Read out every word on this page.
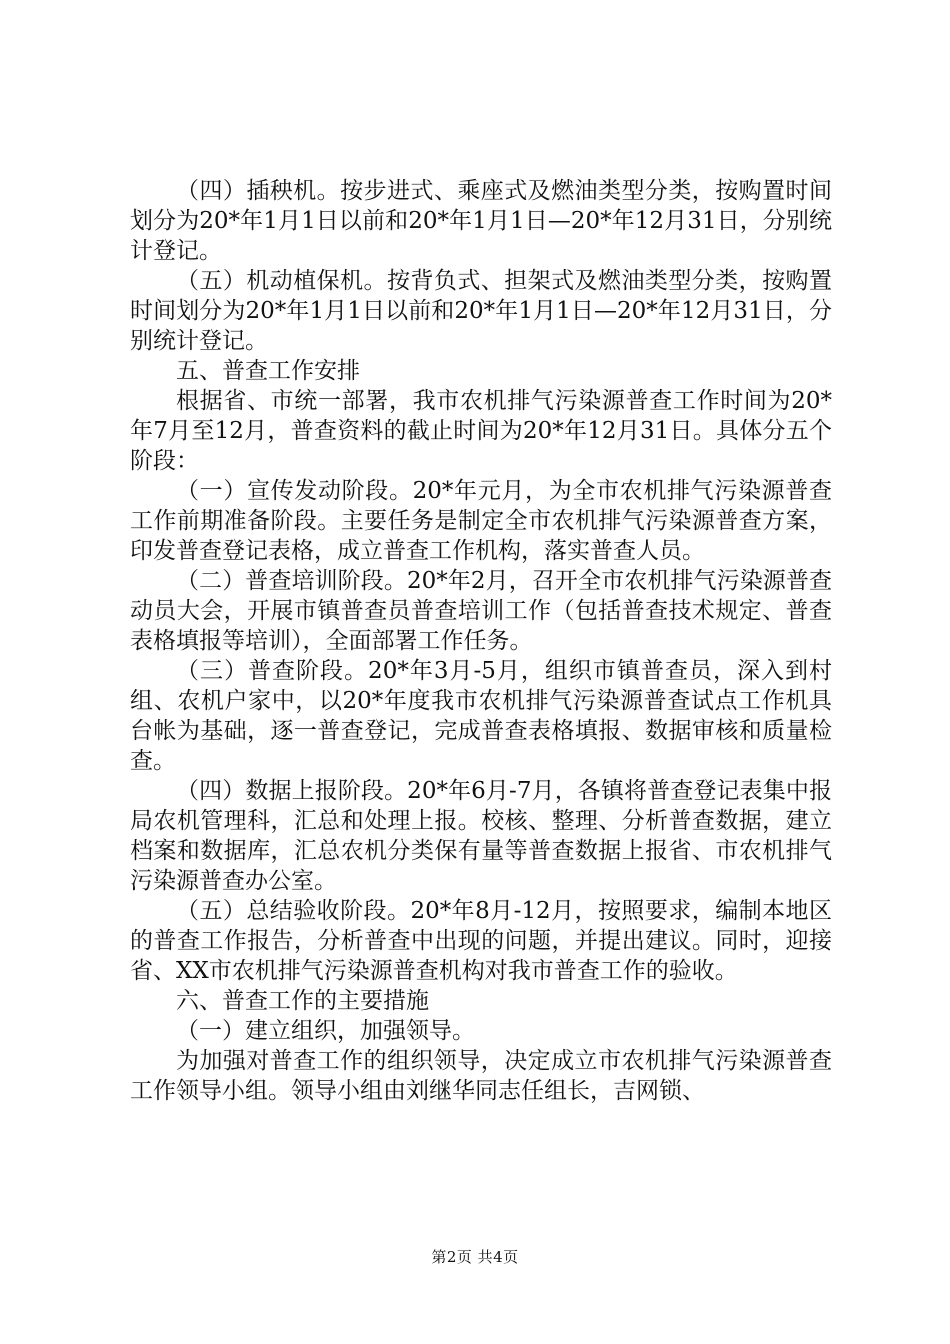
（四）插秧机。按步进式、乘座式及燃油类型分类，按购置时间划分为20*年1月1日以前和20*年1月1日—20*年12月31日，分别统计登记。

（五）机动植保机。按背负式、担架式及燃油类型分类，按购置时间划分为20*年1月1日以前和20*年1月1日—20*年12月31日，分别统计登记。

五、普查工作安排

根据省、市统一部署，我市农机排气污染源普查工作时间为20*年7月至12月，普查资料的截止时间为20*年12月31日。具体分五个阶段：

（一）宣传发动阶段。20*年元月，为全市农机排气污染源普查工作前期准备阶段。主要任务是制定全市农机排气污染源普查方案，印发普查登记表格，成立普查工作机构，落实普查人员。

（二）普查培训阶段。20*年2月，召开全市农机排气污染源普查动员大会，开展市镇普查员普查培训工作（包括普查技术规定、普查表格填报等培训），全面部署工作任务。

（三）普查阶段。20*年3月-5月，组织市镇普查员，深入到村组、农机户家中，以20*年度我市农机排气污染源普查试点工作机具台帐为基础，逐一普查登记，完成普查表格填报、数据审核和质量检查。

（四）数据上报阶段。20*年6月-7月，各镇将普查登记表集中报局农机管理科，汇总和处理上报。校核、整理、分析普查数据，建立档案和数据库，汇总农机分类保有量等普查数据上报省、市农机排气污染源普查办公室。

（五）总结验收阶段。20*年8月-12月，按照要求，编制本地区的普查工作报告，分析普查中出现的问题，并提出建议。同时，迎接省、XX市农机排气污染源普查机构对我市普查工作的验收。

六、普查工作的主要措施

（一）建立组织，加强领导。

为加强对普查工作的组织领导，决定成立市农机排气污染源普查工作领导小组。领导小组由刘继华同志任组长，吉网锁、

第2页 共4页
